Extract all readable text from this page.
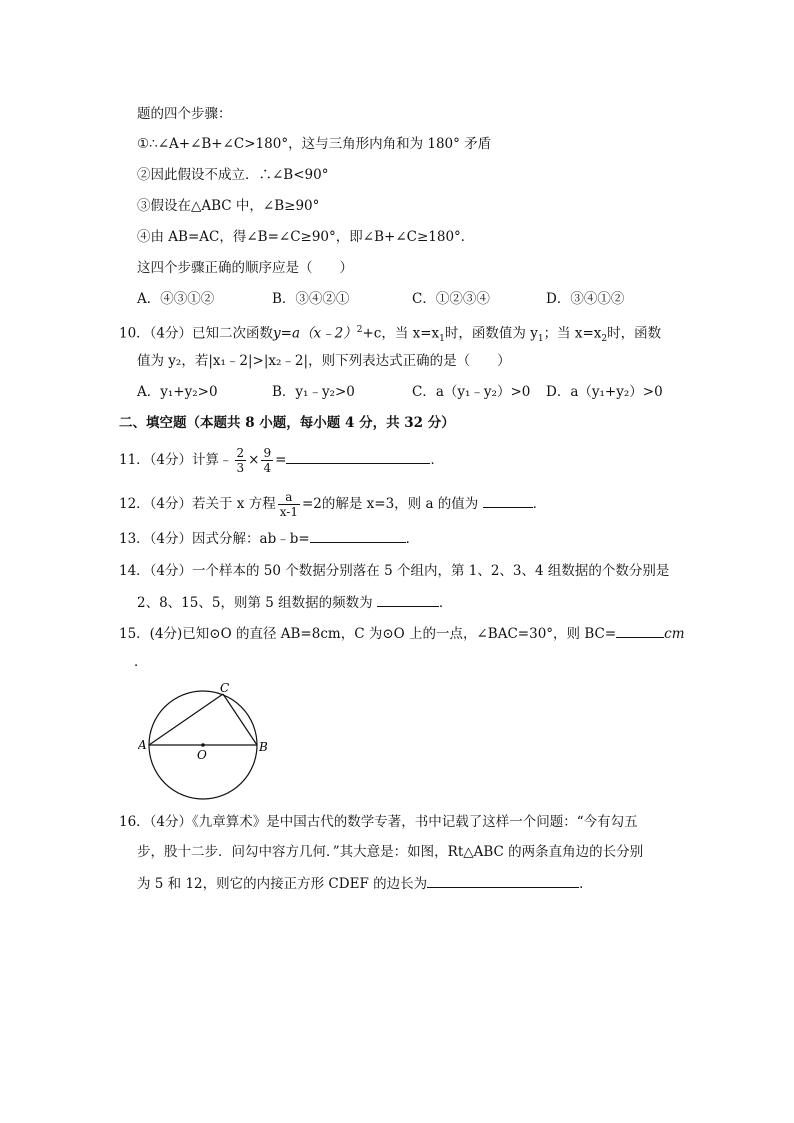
题的四个步骤：
①∴∠A+∠B+∠C>180°，这与三角形内角和为 180° 矛盾
②因此假设不成立．∴∠B<90°
③假设在△ABC 中，∠B≥90°
④由 AB=AC，得∠B=∠C≥90°，即∠B+∠C≥180°．
这四个步骤正确的顺序应是（　　）
A．④③①②	B．③④②①	C．①②③④	D．③④①②
10．（4分）已知二次函数y=a（x﹣2）$^2$+c，当 $x=x_1$时，函数值为 $y_1$；当 $x=x_2$时，函数
值为 y₂，若|x₁﹣2|>|x₂﹣2|，则下列表达式正确的是（　　）
A．y₁+y₂>0	B．y₁﹣y₂>0	C．a（y₁﹣y₂）>0 D．a（y₁+y₂）>0
二、填空题（本题共 8 小题，每小题 4 分，共 32 分）
11．（4分）计算﹣ $\frac{2}{3} \times \frac{9}{4}$ =	．
12．（4分）若关于 x 方程 $\frac{a}{x-1} =2$的解是 x=3，则 a 的值为	．
13．（4分）因式分解：ab﹣b=	．
14．（4分）一个样本的 50 个数据分别落在 5 个组内，第 1、2、3、4 组数据的个数分别是
2、8、15、5，则第 5 组数据的频数为	．
15．(4分)已知⊙O 的直径 AB=8cm，C 为⊙O 上的一点，∠BAC=30°，则 BC=	cm
．
A	B
C
O
16．（4分）《九章算术》是中国古代的数学专著，书中记载了这样一个问题：“今有勾五
步，股十二步．问勾中容方几何．”其大意是：如图，Rt△ABC 的两条直角边的长分别
为 5 和 12，则它的内接正方形 CDEF 的边长为	．
